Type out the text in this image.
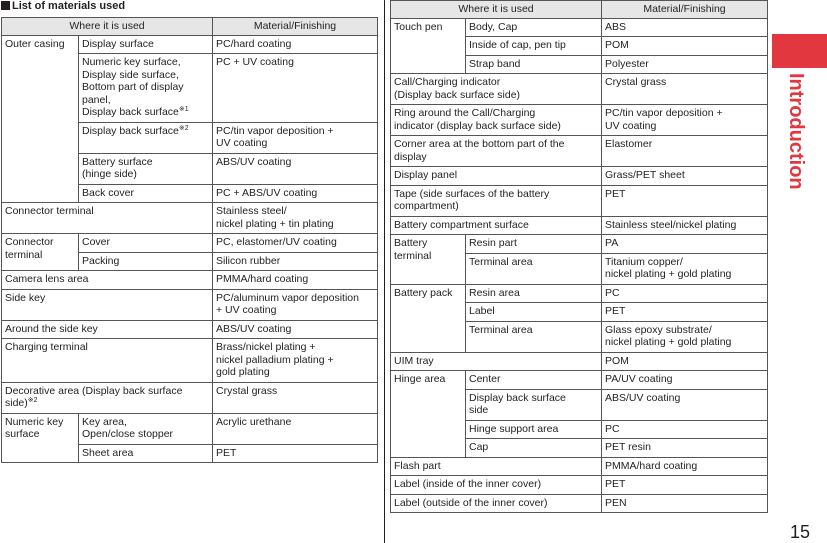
List of materials used
Where it is used		Material/Finishing
Outer casing	Display surface	PC/hard coating
	Numeric key surface,
Display side surface,
Bottom part of display panel,
Display back surface$^{※1}$	PC + UV coating
	Display back surface$^{※2}$	PC/tin vapor deposition +
UV coating
	Battery surface
(hinge side)	ABS/UV coating
	Back cover	PC + ABS/UV coating
Connector terminal		Stainless steel/
nickel plating + tin plating
Connector terminal	Cover	PC, elastomer/UV coating
	Packing	Silicon rubber
Camera lens area		PMMA/hard coating
Side key		PC/aluminum vapor deposition
+ UV coating
Around the side key		ABS/UV coating
Charging terminal		Brass/nickel plating +
nickel palladium plating +
gold plating
Decorative area (Display back surface
side)$^{※2}$		Crystal grass
Numeric key
surface	Key area,
Open/close stopper	Acrylic urethane
	Sheet area	PET
Where it is used		Material/Finishing
Touch pen	Body, Cap	ABS
	Inside of cap, pen tip	POM
	Strap band	Polyester
Call/Charging indicator
(Display back surface side)		Crystal grass
Ring around the Call/Charging
indicator (display back surface side)		PC/tin vapor deposition +
UV coating
Corner area at the bottom part of the
display		Elastomer
Display panel		Grass/PET sheet
Tape (side surfaces of the battery
compartment)		PET
Battery compartment surface		Stainless steel/nickel plating
Battery
terminal	Resin part	PA
	Terminal area	Titanium copper/
nickel plating + gold plating
Battery pack	Resin area	PC
	Label	PET
	Terminal area	Glass epoxy substrate/
nickel plating + gold plating
UIM tray		POM
Hinge area	Center	PA/UV coating
	Display back surface
side	ABS/UV coating
	Hinge support area	PC
	Cap	PET resin
Flash part		PMMA/hard coating
Label (inside of the inner cover)		PET
Label (outside of the inner cover)		PEN
Introduction
15
